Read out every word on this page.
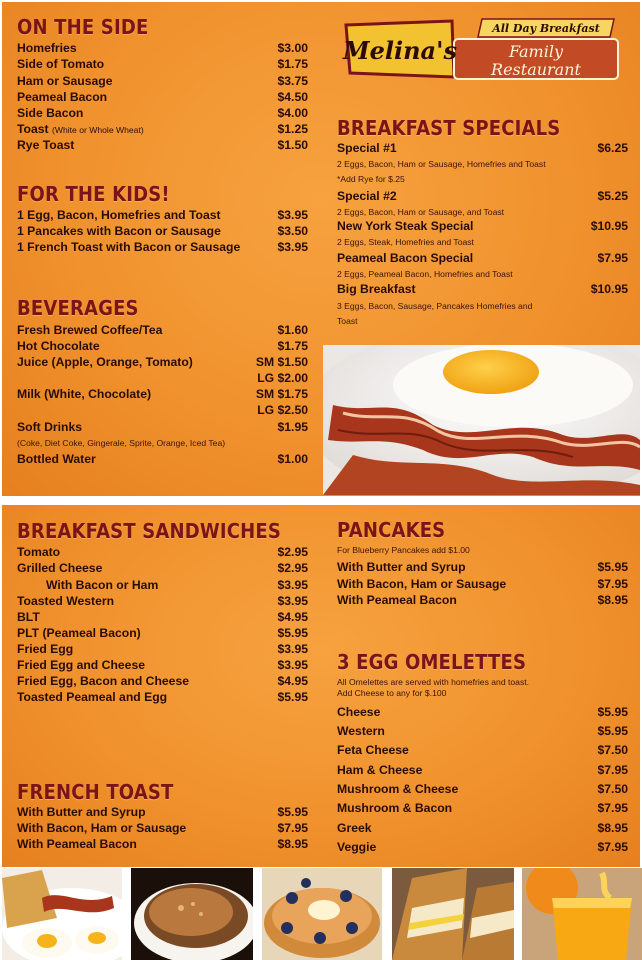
Melina's
All Day Breakfast
Family
Restaurant
ON THE SIDE
Homefries	$3.00
Side of Tomato	$1.75
Ham or Sausage	$3.75
Peameal Bacon	$4.50
Side Bacon	$4.00
Toast (White or Whole Wheat)	$1.25
Rye Toast	$1.50
FOR THE KIDS!
1 Egg, Bacon, Homefries and Toast	$3.95
1 Pancakes with Bacon or Sausage	$3.50
1 French Toast with Bacon or Sausage	$3.95
BEVERAGES
Fresh Brewed Coffee/Tea	$1.60
Hot Chocolate	$1.75
Juice (Apple, Orange, Tomato)	SM $1.50
LG $2.00
Milk (White, Chocolate)	SM $1.75
LG $2.50
Soft Drinks	$1.95
(Coke, Diet Coke, Gingerale, Sprite, Orange, Iced Tea)
Bottled Water	$1.00
BREAKFAST SPECIALS
Special #1	$6.25
2 Eggs, Bacon, Ham or Sausage, Homefries and Toast
*Add Rye for $.25
Special #2	$5.25
2 Eggs, Bacon, Ham or Sausage, and Toast
New York Steak Special	$10.95
2 Eggs, Steak, Homefries and Toast
Peameal Bacon Special	$7.95
2 Eggs, Peameal Bacon, Homefries and Toast
Big Breakfast	$10.95
3 Eggs, Bacon, Sausage, Pancakes Homefries and
Toast
BREAKFAST SANDWICHES
Tomato	$2.95
Grilled Cheese	$2.95
With Bacon or Ham	$3.95
Toasted Western	$3.95
BLT	$4.95
PLT (Peameal Bacon)	$5.95
Fried Egg	$3.95
Fried Egg and Cheese	$3.95
Fried Egg, Bacon and Cheese	$4.95
Toasted Peameal and Egg	$5.95
FRENCH TOAST
With Butter and Syrup	$5.95
With Bacon, Ham or Sausage	$7.95
With Peameal Bacon	$8.95
PANCAKES
For Blueberry Pancakes add $1.00
With Butter and Syrup	$5.95
With Bacon, Ham or Sausage	$7.95
With Peameal Bacon	$8.95
3 EGG OMELETTES
All Omelettes are served with homefries and toast.
Add Cheese to any for $.100
Cheese	$5.95
Western	$5.95
Feta Cheese	$7.50
Ham & Cheese	$7.95
Mushroom & Cheese	$7.50
Mushroom & Bacon	$7.95
Greek	$8.95
Veggie	$7.95
